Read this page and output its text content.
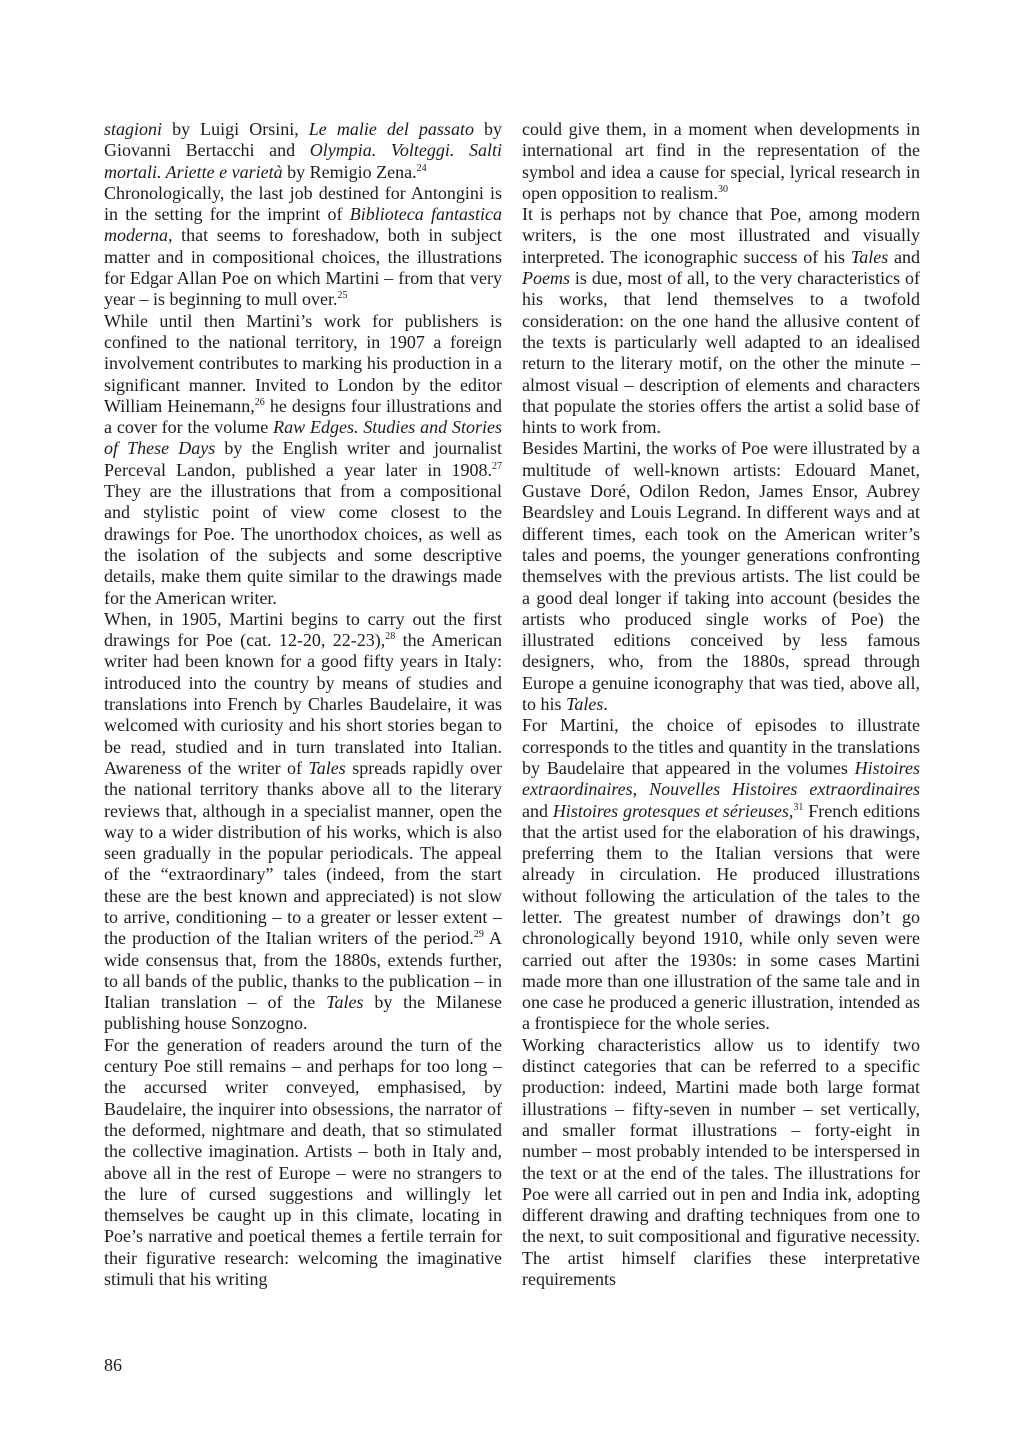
stagioni by Luigi Orsini, Le malie del passato by Giovanni Bertacchi and Olympia. Volteggi. Salti mortali. Ariette e varietà by Remigio Zena.$^{24}$

Chronologically, the last job destined for Antongini is in the setting for the imprint of Biblioteca fantastica moderna, that seems to foreshadow, both in subject matter and in compositional choices, the illustrations for Edgar Allan Poe on which Martini – from that very year – is beginning to mull over.$^{25}$

While until then Martini’s work for publishers is confined to the national territory, in 1907 a foreign involvement contributes to marking his production in a significant manner. Invited to London by the editor William Heinemann,$^{26}$ he designs four illustrations and a cover for the volume Raw Edges. Studies and Stories of These Days by the English writer and journalist Perceval Landon, published a year later in 1908.27 They are the illustrations that from a compositional and stylistic point of view come closest to the drawings for Poe. The unorthodox choices, as well as the isolation of the subjects and some descriptive details, make them quite similar to the drawings made for the American writer.

When, in 1905, Martini begins to carry out the first drawings for Poe (cat. 12-20, 22-23),$^{28}$ the American writer had been known for a good fifty years in Italy: introduced into the country by means of studies and translations into French by Charles Baudelaire, it was welcomed with curiosity and his short stories began to be read, studied and in turn translated into Italian. Awareness of the writer of Tales spreads rapidly over the national territory thanks above all to the literary reviews that, although in a specialist manner, open the way to a wider distribution of his works, which is also seen gradually in the popular periodicals. The appeal of the “extraordinary” tales (indeed, from the start these are the best known and appreciated) is not slow to arrive, conditioning – to a greater or lesser extent – the production of the Italian writers of the period.$^{29}$ A wide consensus that, from the 1880s, extends further, to all bands of the public, thanks to the publication – in Italian translation – of the Tales by the Milanese publishing house Sonzogno.

For the generation of readers around the turn of the century Poe still remains – and perhaps for too long – the accursed writer conveyed, emphasised, by Baudelaire, the inquirer into obsessions, the narrator of the deformed, nightmare and death, that so stimulated the collective imagination. Artists – both in Italy and, above all in the rest of Europe – were no strangers to the lure of cursed suggestions and willingly let themselves be caught up in this climate, locating in Poe’s narrative and poetical themes a fertile terrain for their figurative research: welcoming the imaginative stimuli that his writing

could give them, in a moment when developments in international art find in the representation of the symbol and idea a cause for special, lyrical research in open opposition to realism.$^{30}$

It is perhaps not by chance that Poe, among modern writers, is the one most illustrated and visually interpreted. The iconographic success of his Tales and Poems is due, most of all, to the very characteristics of his works, that lend themselves to a twofold consideration: on the one hand the allusive content of the texts is particularly well adapted to an idealised return to the literary motif, on the other the minute – almost visual – description of elements and characters that populate the stories offers the artist a solid base of hints to work from.

Besides Martini, the works of Poe were illustrated by a multitude of well-known artists: Edouard Manet, Gustave Doré, Odilon Redon, James Ensor, Aubrey Beardsley and Louis Legrand. In different ways and at different times, each took on the American writer’s tales and poems, the younger generations confronting themselves with the previous artists. The list could be a good deal longer if taking into account (besides the artists who produced single works of Poe) the illustrated editions conceived by less famous designers, who, from the 1880s, spread through Europe a genuine iconography that was tied, above all, to his Tales.

For Martini, the choice of episodes to illustrate corresponds to the titles and quantity in the translations by Baudelaire that appeared in the volumes Histoires extraordinaires, Nouvelles Histoires extraordinaires and Histoires grotesques et sérieuses,$^{31}$ French editions that the artist used for the elaboration of his drawings, preferring them to the Italian versions that were already in circulation. He produced illustrations without following the articulation of the tales to the letter. The greatest number of drawings don’t go chronologically beyond 1910, while only seven were carried out after the 1930s: in some cases Martini made more than one illustration of the same tale and in one case he produced a generic illustration, intended as a frontispiece for the whole series.

Working characteristics allow us to identify two distinct categories that can be referred to a specific production: indeed, Martini made both large format illustrations – fifty-seven in number – set vertically, and smaller format illustrations – forty-eight in number – most probably intended to be interspersed in the text or at the end of the tales. The illustrations for Poe were all carried out in pen and India ink, adopting different drawing and drafting techniques from one to the next, to suit compositional and figurative necessity. The artist himself clarifies these interpretative requirements

86
